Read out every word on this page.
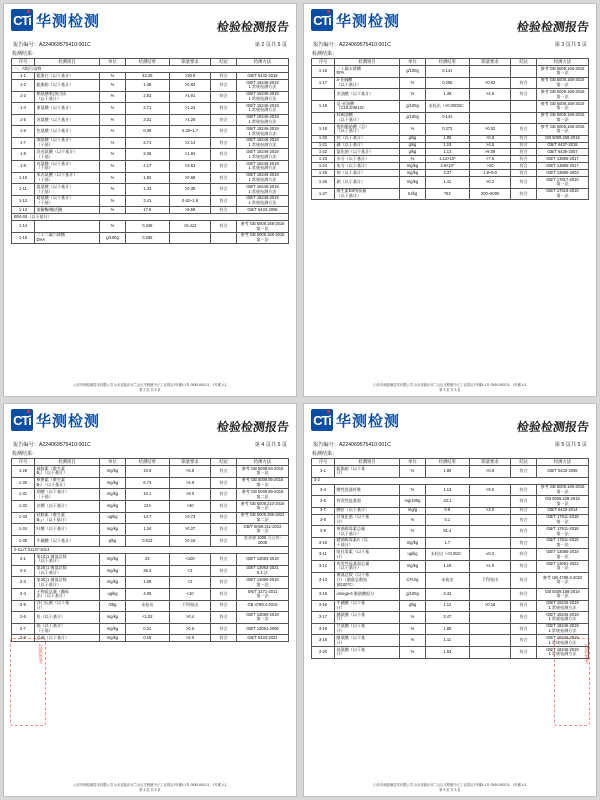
CTi 华测检测	检验检测报告
报告编号：A224069575410:001C	第 2 页共 5 页
检测结果：
序号	检测项目	单位	检测结果	限量要求	结论	检测方法
一、A级污染物						
1-1	粗蛋白（以干基计）	%	43.29	>30.9	符合	GB/T 6432-2018
1-2	粗脂肪（以干基计）	%	1.48	>0.92	符合	GB/T 18246-2019
1 常规检测方法
1-3	赖氨酸/粗蛋白质
（以干基计）	%	2.53	>1.91	符合	GB/T 18246-2019
1 常规检测方法
1-4	蛋氨酸（以干基计）	%	2.71	>1.24	符合	GB/T 18246-2019
1 常规检测方法
1-5	苏氨酸（以干基计）	%	3.31	>1.28	符合	GB/T 18246-2019
1 常规检测方法
1-6	色氨酸（以干基计）	%	0.39	0.25~1.7	符合	GB/T 18246-2019
1 常规检测方法
1-7	缬氨酸（以干基计）
（干基）	%	2.71	>2.14	符合	GB/T 18246-2019
1 常规检测方法
1-8	异亮氨酸（以干基计）
（干基）	%	2.36	>1.84	符合	GB/T 18246-2019
1 常规检测方法
1-9	亮氨酸（以干基计）
（干基）	%	4.17	>3.53	符合	GB/T 18246-2019
1 常规检测方法
1-10	苯丙氨酸（以干基计）
（干基）	%	1.82	>0.58	符合	GB/T 18246-2019
1 常规检测方法
1-11	组氨酸（以干基计）
（干基）	%	1.33	>0.35	符合	GB/T 18246-2019
1 常规检测方法
1-12	精氨酸（以干基计）
（干基）	%	3.41	0.62~1.6	符合	GB/T 18246-2019
1 常规检测方法
1-13	溶解酶/酶活酶	%	17.9	>9.59	符合	GB/T 6433-2006
B04-03（以干基计）						
1-14		%	0.346	>0.412	符合	参考 GB 5009.168-2016
第一法
1-15	二十二碳六烯酸
DHA	g/100g	0.205			参考 GB 5009.168-2016
第一法
山东华测检测技术有限公司 山东省临沂市兰山区半程镇中丘工业园区1号楼4-1号 0539-8002 5、1号楼 4-1
第 2 页 共 5 页
CTi 华测检测	检验检测报告
报告编号：A224069575410:001C	第 3 页共 5 页
检测结果：
序号	检测项目	单位	检测结果	限量要求	结论	检测方法
1-16	二十碳五烯酸
EPA	g/100g	0.141			参考 GB 5009.168-2016
第一法
1-17	a-亚麻酸
（以干基计）	%	0.206	>0.02	符合	参考 GB 5009.168-2016
第一法
	亚油酸（以干基计）	%	1.39	>4.6	符合	参考 GB 5009.168-2016
第一法
1-18	反-亚油酸
（C18:2n9t12t）	g/100g	未检出（<0.00032）			参考 GB 5009.168-2016
第一法
	棕榈油酸
（以干基计）	g/100g	0.141			参考 GB 5009.168-2016
第一法
1-19	饱和脂肪酸（总）
（以干基计）	%	0.273	>0.02	符合	参考 GB 5009.168-2016
第一法
1-20	钙（以干基计）	g/kg	1.89	>0.8	符合	GB 5009.268-2016
1-21	磷（以干基计）	g/kg	1.19	>4.5	符合	GB/T 6437-2018
1-22	氯化钠（以干基计）	g/kg	1.13	>9.09	符合	GB/T 6439-2007
1-23	水分（以干基计）	%	1.13×10³	>7.5	符合	GB/T 13885-2017
1-24	灰分（以干基计）	mg/kg	3.9×10³	>20	符合	GB/T 13885-2017
1-25	钠（以干基计）	mg/kg	3.37	1.8~9.0	符合	GB/T 13885-2003
1-26	硒（以干基计）	mg/kg	1.11	>0.2	符合	GB/T 17817-2010
第一法
1-27	维生素D3残留量
（以干基计）	IU/kg	782	200~5000	符合	GB/T 17818-2010
第一法
山东华测检测技术有限公司 山东省临沂市兰山区半程镇中丘工业园区1号楼4-1号 0539-8002 5、1号楼 4-1
第 3 页 共 5 页
CTi 华测检测	检验检测报告
报告编号：A224069575410:001C	第 4 页共 5 页
检测结果：
序号	检测项目	单位	检测结果	限量要求	结论	检测方法
1-29	硫胺素（维生素
B₁）（以干基计）	mg/kg	10.9	>5.8	符合	参考 GB 5009.84-2016
第一法
1-30	核黄素（维生素
B₂）（以干基计）	mg/kg	6.73	>4.9	符合	参考 GB 5009.85-2016
第一法
1-31	烟酸（以干基计）
（干基）	mg/kg	10.1	>9.0	符合	参考 GB 5009.89-2016
第二法
1-32	泛酸（以干基计）	mg/kg	124	>40	符合	参考 GB 5009.210-2016
第一法
1-33	钴胺素（维生素
B₁₂）（以干基计）	ug/kg	14.7	>3.73	符合	参考 GB 5009.285-2022
第二法
1-34	叶酸（以干基计）	mg/kg	1.34	>0.27	符合	GB/T 5009.211-2022
第一法
1-35	牛磺酸（以干基计）	g/kg	0.513	>0.16	符合	农业部 1005 号公告-
2008
2-GL/T 31137-2014						
2-1	第1组1 菌落总数
（以干基计）	mg/kg	23	<100	符合	GB/T 13083-2018
2-2	第2组1 菌落总数
（以干基计）	mg/kg	36.3	<2	符合	GB/T 13082-2021
6.1 法
2-3	第3组1 菌落总数
（以干基计）	mg/kg	1.09	<2	符合	GB/T 13080-2018
第一法
2-4	干物质总量（酶标
法）（以干基计）	ug/kg	4.09	<10	符合	SN/T 3271-2011
第一法
2-5	沙门氏菌（以干基
计）	/25g	未检出	不得检出	符合	GB 4789.4-2016
2-6	铅（以干基计）	mg/kg	<1.02	>0.4	符合	GB/T 13080-2018
第一法
2-7	镉（以干基计）
（干基）	mg/kg	0.31	>0.6	符合	GB/T 13081-2006
2-8	总砷（以干基计）	mg/kg	0.19	>2.0	符合	GB/T 6433-2022
仅供参考
山东华测检测技术有限公司 山东省临沂市兰山区半程镇中丘工业园区1号楼4-1号 0539-8002 5、1号楼 4-1
第 4 页 共 5 页
CTi 华测检测	检验检测报告
报告编号：A224069575410:001C	第 5 页共 5 页
检测结果：
序号	检测项目	单位	检测结果	限量要求	结论	检测方法
3-1	粗脂肪（以干基
计）	%	1.89	>0.8	符合	GB/T 6433-2006
3-2						
3-4	酸性洗涤纤维	%	1.13	>9.0	符合	参考 GB 5009.168-2016
第一法
3-5	挥发性盐基氮	mg/100g	23.1		符合	GB 5009.228-2016
第一法
3-7	酸价（以干基计）	mg/g	0.9	>3.0	符合	GB/T 6433-2014
3-8	过氧化值（以干基
计）	%	0.1		符合	GB/T 17911-2018
第一法
3-9	黄曲霉毒素总量
（以干基计）	%	81.4		符合	GB/T 17911-2018
第一法
3-10	赭曲霉毒素A（以
干基计）	mg/kg	1.7		符合	GB/T 17911-2018
第一法
3-11	呕吐毒素（以干基
计）	ug/kg	未检出（<0.002）	≤0.2	符合	GB/T 13085-2018
第一法
3-12	挥发性盐基氮总量
（以干基计）	mg/kg	1.19	>1.0	符合	GB/T 13091-2022
第一法
3-13	菌落总数（以干基
计）（菌落总数检
测100℃）	CFU/g	未检出	不得检出	符合	参考 GB 4789.2-2022
第一法
3-15	omega-6 脂肪酸组分	g/100g	3.42		符合	GB 5009.168-2016
第一法
3-16	牛磺酸（以干基
计）	g/kg	1.12	>0.16	符合	GB/T 18246-2019
1 常规检测方法
3-17	脯氨酸（以干基
计）	%	3.47		符合	GB/T 18246-2019
1 常规检测方法
3-18	甘氨酸（以干基
计）	%	1.85		符合	GB/T 18246-2019
1 常规检测方法
3-19	酪氨酸（以干基
计）	%	1.11		符合	GB/T 18246-2019
1 常规检测方法
3-20	丝氨酸（以干基
计）	%	1.63		符合	GB/T 18246-2019
1 常规检测方法	仅供参考
山东华测检测技术有限公司 山东省临沂市兰山区半程镇中丘工业园区1号楼4-1号 0539-8002 5、1号楼 4-1
第 5 页 共 5 页
